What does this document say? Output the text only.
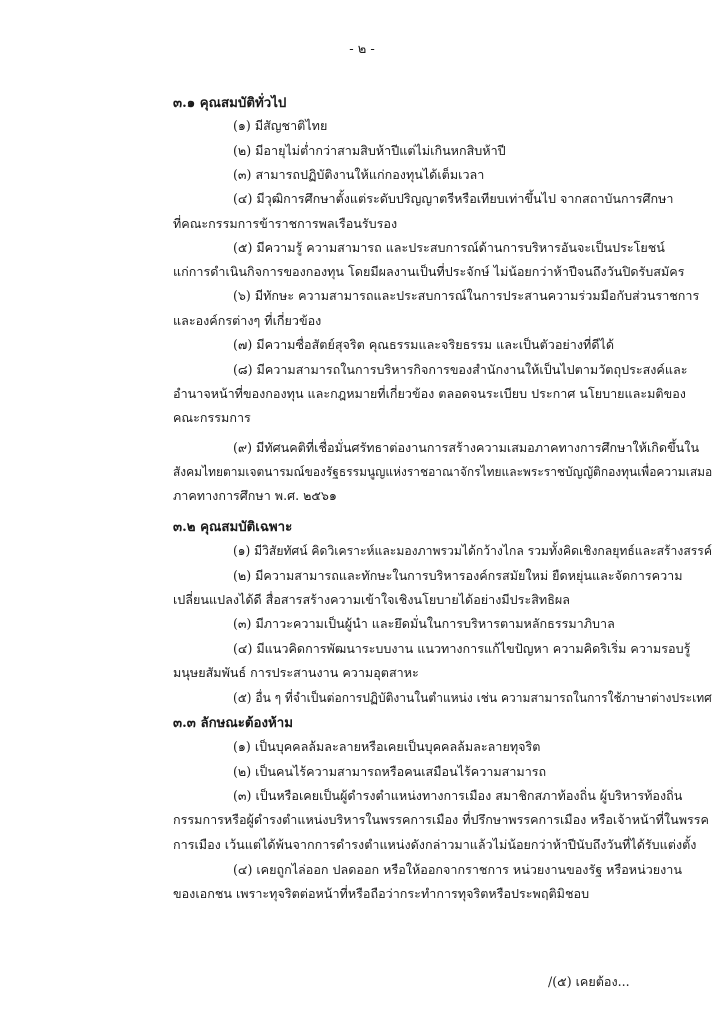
- ๒ -
๓.๑ คุณสมบัติทั่วไป
(๑) มีสัญชาติไทย
(๒) มีอายุไม่ต่ำกว่าสามสิบห้าปีแต่ไม่เกินหกสิบห้าปี
(๓) สามารถปฏิบัติงานให้แก่กองทุนได้เต็มเวลา
(๔) มีวุฒิการศึกษาตั้งแต่ระดับปริญญาตรีหรือเทียบเท่าขึ้นไป จากสถาบันการศึกษา
ที่คณะกรรมการข้าราชการพลเรือนรับรอง
(๕) มีความรู้ ความสามารถ และประสบการณ์ด้านการบริหารอันจะเป็นประโยชน์
แก่การดำเนินกิจการของกองทุน โดยมีผลงานเป็นที่ประจักษ์ ไม่น้อยกว่าห้าปีจนถึงวันปิดรับสมัคร
(๖) มีทักษะ ความสามารถและประสบการณ์ในการประสานความร่วมมือกับส่วนราชการ
และองค์กรต่างๆ ที่เกี่ยวข้อง
(๗) มีความซื่อสัตย์สุจริต คุณธรรมและจริยธรรม และเป็นตัวอย่างที่ดีได้
(๘) มีความสามารถในการบริหารกิจการของสำนักงานให้เป็นไปตามวัตถุประสงค์และ
อำนาจหน้าที่ของกองทุน และกฎหมายที่เกี่ยวข้อง ตลอดจนระเบียบ ประกาศ นโยบายและมติของ
คณะกรรมการ
(๙) มีทัศนคติที่เชื่อมั่นศรัทธาต่องานการสร้างความเสมอภาคทางการศึกษาให้เกิดขึ้นใน
สังคมไทยตามเจตนารมณ์ของรัฐธรรมนูญแห่งราชอาณาจักรไทยและพระราชบัญญัติกองทุนเพื่อความเสมอ
ภาคทางการศึกษา พ.ศ. ๒๕๖๑
๓.๒ คุณสมบัติเฉพาะ
(๑) มีวิสัยทัศน์ คิดวิเคราะห์และมองภาพรวมได้กว้างไกล รวมทั้งคิดเชิงกลยุทธ์และสร้างสรรค์
(๒) มีความสามารถและทักษะในการบริหารองค์กรสมัยใหม่ ยืดหยุ่นและจัดการความ
เปลี่ยนแปลงได้ดี สื่อสารสร้างความเข้าใจเชิงนโยบายได้อย่างมีประสิทธิผล
(๓) มีภาวะความเป็นผู้นำ และยึดมั่นในการบริหารตามหลักธรรมาภิบาล
(๔) มีแนวคิดการพัฒนาระบบงาน แนวทางการแก้ไขปัญหา ความคิดริเริ่ม ความรอบรู้
มนุษยสัมพันธ์ การประสานงาน ความอุตสาหะ
(๕) อื่น ๆ ที่จำเป็นต่อการปฏิบัติงานในตำแหน่ง เช่น ความสามารถในการใช้ภาษาต่างประเทศ
๓.๓ ลักษณะต้องห้าม
(๑) เป็นบุคคลล้มละลายหรือเคยเป็นบุคคลล้มละลายทุจริต
(๒) เป็นคนไร้ความสามารถหรือคนเสมือนไร้ความสามารถ
(๓) เป็นหรือเคยเป็นผู้ดำรงตำแหน่งทางการเมือง สมาชิกสภาท้องถิ่น ผู้บริหารท้องถิ่น
กรรมการหรือผู้ดำรงตำแหน่งบริหารในพรรคการเมือง ที่ปรึกษาพรรคการเมือง หรือเจ้าหน้าที่ในพรรค
การเมือง เว้นแต่ได้พ้นจากการดำรงตำแหน่งดังกล่าวมาแล้วไม่น้อยกว่าห้าปีนับถึงวันที่ได้รับแต่งตั้ง
(๔) เคยถูกไล่ออก ปลดออก หรือให้ออกจากราชการ หน่วยงานของรัฐ หรือหน่วยงาน
ของเอกชน เพราะทุจริตต่อหน้าที่หรือถือว่ากระทำการทุจริตหรือประพฤติมิชอบ
/(๕) เคยต้อง...
